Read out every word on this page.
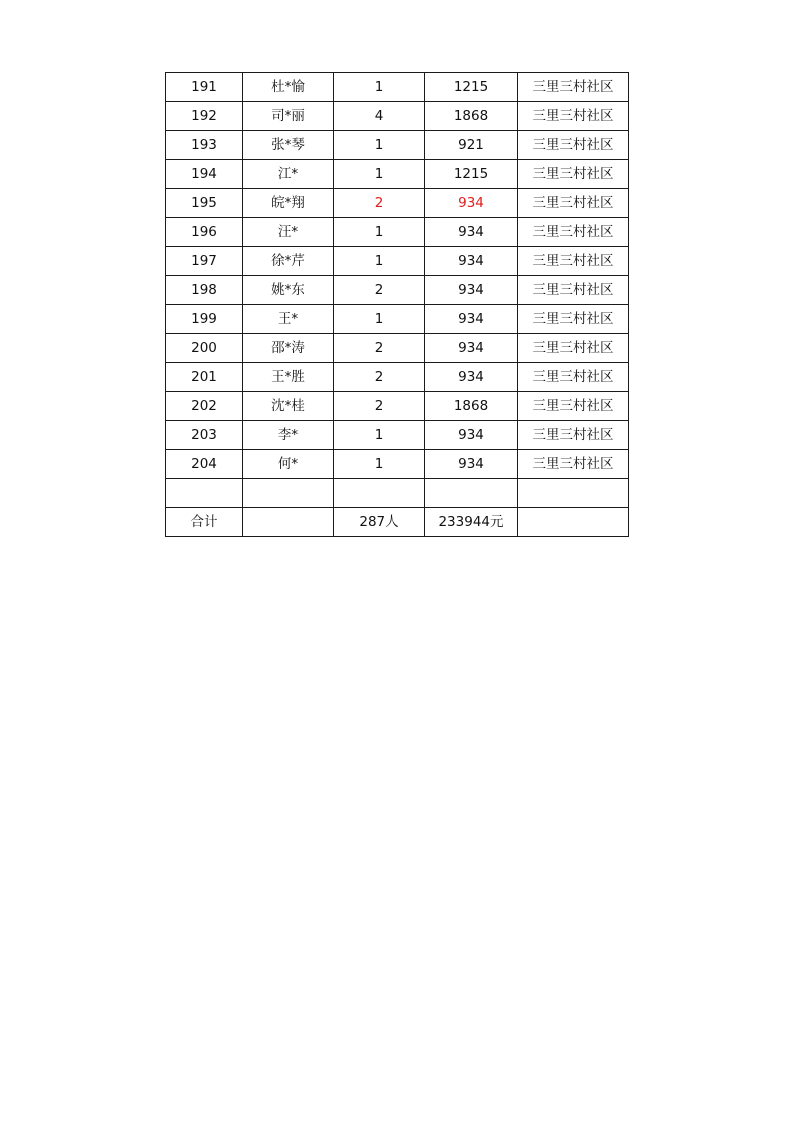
191	杜*愉	1	1215	三里三村社区
192	司*丽	4	1868	三里三村社区
193	张*琴	1	921	三里三村社区
194	江*	1	1215	三里三村社区
195	皖*翔	2	934	三里三村社区
196	汪*	1	934	三里三村社区
197	徐*芹	1	934	三里三村社区
198	姚*东	2	934	三里三村社区
199	王*	1	934	三里三村社区
200	邵*涛	2	934	三里三村社区
201	王*胜	2	934	三里三村社区
202	沈*桂	2	1868	三里三村社区
203	李*	1	934	三里三村社区
204	何*	1	934	三里三村社区

合计		287人	233944元	
